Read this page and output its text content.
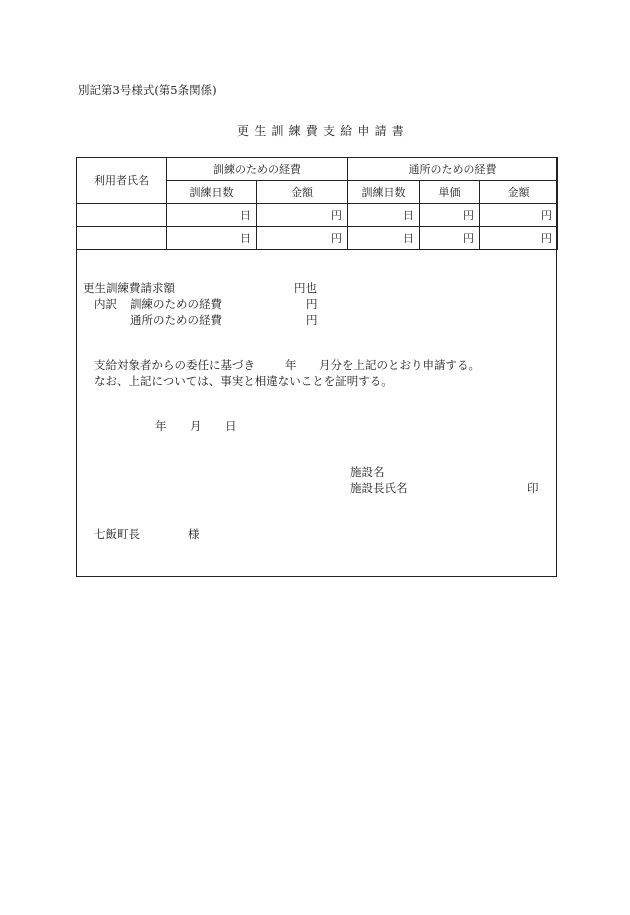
別記第3号様式(第5条関係)
更生訓練費支給申請書
利用者氏名	訓練のための経費		通所のための経費		
	訓練日数	金額	訓練日数	単価	金額
	日	円	日	円	円
	日	円	日	円	円
更生訓練費請求額	円也
内訳 訓練のための経費	円
通所のための経費	円
支給対象者からの委任に基づき	年 月分を上記のとおり申請する。
なお、上記については、事実と相違ないことを証明する。
年 月 日
施設名
施設長氏名	印
七飯町長	様
